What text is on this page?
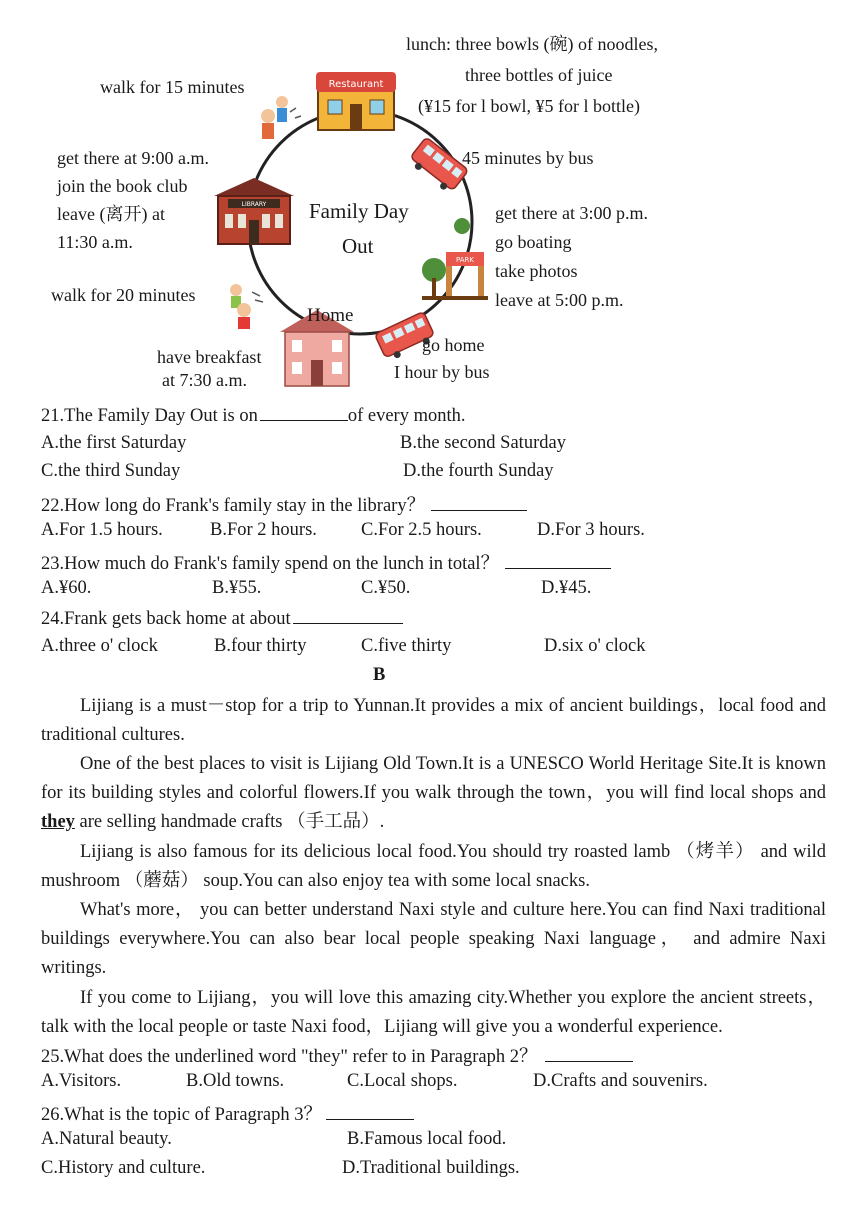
Restaurant
LIBRARY
PARK
Family Day
Out
Home
lunch: three bowls (碗) of noodles,
three bottles of juice
(¥15 for l bowl, ¥5 for l bottle)
walk for 15 minutes
get there at 9:00 a.m.
join the book club
leave (离开) at
11:30 a.m.
walk for 20 minutes
have breakfast
at 7:30 a.m.
45 minutes by bus
get there at 3:00 p.m.
go boating
take photos
leave at 5:00 p.m.
go home
I hour by bus
21.The Family Day Out is on	of every month.
A.the first Saturday	B.the second Saturday
C.the third Sunday	D.the fourth Sunday
22.How long do Frank's family stay in the library？
A.For 1.5 hours.	B.For 2 hours. C.For 2.5 hours.	D.For 3 hours.
23.How much do Frank's family spend on the lunch in total？
A.¥60.	B.¥55.	C.¥50.	D.¥45.
24.Frank gets back home at about
A.three o' clock	B.four thirty	C.five thirty	D.six o' clock
B
Lijiang is a must－stop for a trip to Yunnan.It provides a mix of ancient buildings，local food and traditional cultures.
One of the best places to visit is Lijiang Old Town.It is a UNESCO World Heritage Site.It is known for its building styles and colorful flowers.If you walk through the town，you will find local shops and they are selling handmade crafts （手工品）.
Lijiang is also famous for its delicious local food.You should try roasted lamb （烤羊） and wild mushroom （蘑菇） soup.You can also enjoy tea with some local snacks.
What's more， you can better understand Naxi style and culture here.You can find Naxi traditional buildings everywhere.You can also bear local people speaking Naxi language， and admire Naxi writings.
If you come to Lijiang，you will love this amazing city.Whether you explore the ancient streets，talk with the local people or taste Naxi food，Lijiang will give you a wonderful experience.
25.What does the underlined word "they" refer to in Paragraph 2？
A.Visitors.	B.Old towns.	C.Local shops.	D.Crafts and souvenirs.
26.What is the topic of Paragraph 3？
A.Natural beauty.	B.Famous local food.
C.History and culture.	D.Traditional buildings.
